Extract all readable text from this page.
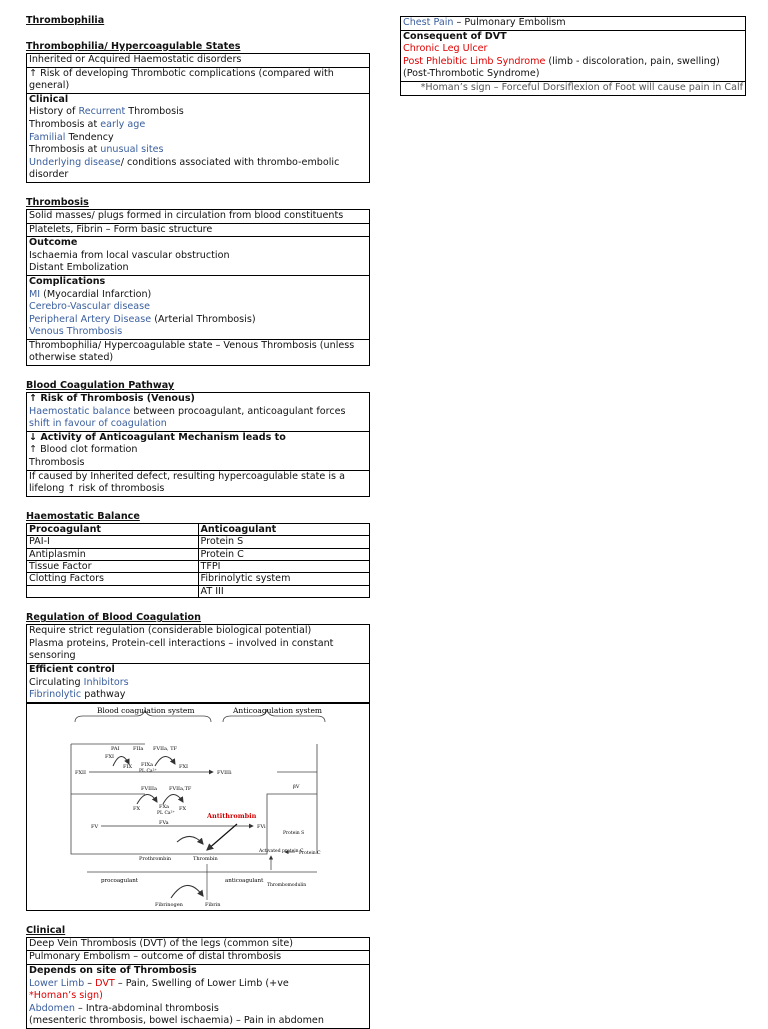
Thrombophilia
Thrombophilia/ Hypercoagulable States
Inherited or Acquired Haemostatic disorders
↑ Risk of developing Thrombotic complications (compared with general)

Clinical
History of Recurrent Thrombosis
Thrombosis at early age
Familial Tendency
Thrombosis at unusual sites
Underlying disease/ conditions associated with thrombo-embolic disorder
Thrombosis
Solid masses/ plugs formed in circulation from blood constituents
Platelets, Fibrin – Form basic structure

Outcome
Ischaemia from local vascular obstruction
Distant Embolization

Complications
MI (Myocardial Infarction)
Cerebro-Vascular disease
Peripheral Artery Disease (Arterial Thrombosis)
Venous Thrombosis

Thrombophilia/ Hypercoagulable state – Venous Thrombosis (unless otherwise stated)
Blood Coagulation Pathway
↑ Risk of Thrombosis (Venous)
Haemostatic balance between procoagulant, anticoagulant forces
shift in favour of coagulation

↓ Activity of Anticoagulant Mechanism leads to
↑ Blood clot formation
Thrombosis

If caused by Inherited defect, resulting hypercoagulable state is a lifelong ↑ risk of thrombosis
Haemostatic Balance
Procoagulant	Anticoagulant
PAI-I	Protein S
Antiplasmin	Protein C
Tissue Factor	TFPI
Clotting Factors	Fibrinolytic system
	AT III
Regulation of Blood Coagulation
Require strict regulation (considerable biological potential)
Plasma proteins, Protein-cell interactions – involved in constant sensoring

Efficient control
Circulating Inhibitors
Fibrinolytic pathway
Blood coagulation system	Anticoagulation system
PAI	FIIa FVIIa, TF
FXI
FIX FIXa
PL Ca²⁺
FXI
FXII	FVIIIi
FVIIIa FVIIa,TF
FX	FXa
PL Ca²⁺
FX
βV
FV
FVa
FVi
Antithrombin
Protein S
Prothrombin	Thrombin
Activated protein C
Protein C
procoagulant	anticoagulant
Thrombomodulin
Fibrinogen	Fibrin
Clinical
Deep Vein Thrombosis (DVT) of the legs (common site)
Pulmonary Embolism – outcome of distal thrombosis

Depends on site of Thrombosis
Lower Limb – DVT – Pain, Swelling of Lower Limb (+ve
*Homan’s sign)
Abdomen – Intra-abdominal thrombosis
(mesenteric thrombosis, bowel ischaemia) – Pain in abdomen
Chest Pain – Pulmonary Embolism

Consequent of DVT
Chronic Leg Ulcer
Post Phlebitic Limb Syndrome (limb - discoloration, pain, swelling)
(Post-Thrombotic Syndrome)

*Homan’s sign – Forceful Dorsiflexion of Foot will cause pain in Calf
